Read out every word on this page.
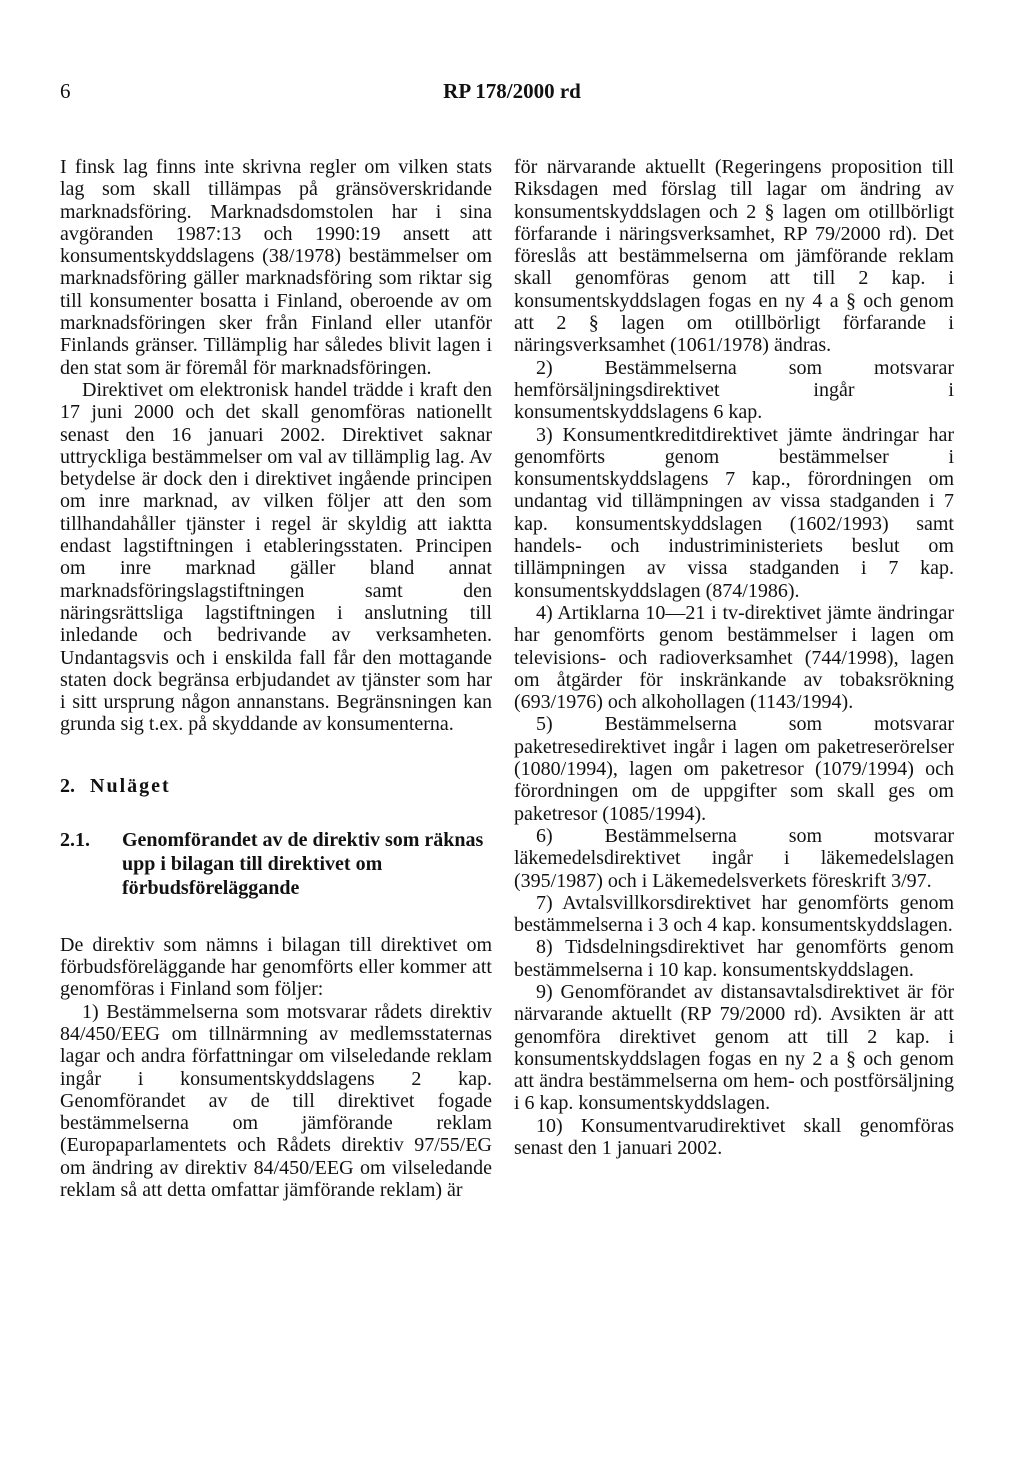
6	RP 178/2000 rd

I finsk lag finns inte skrivna regler om vilken stats lag som skall tillämpas på gränsöverskridande marknadsföring. Marknadsdomstolen har i sina avgöranden 1987:13 och 1990:19 ansett att konsumentskyddslagens (38/1978) bestämmelser om marknadsföring gäller marknadsföring som riktar sig till konsumenter bosatta i Finland, oberoende av om marknadsföringen sker från Finland eller utanför Finlands gränser. Tillämplig har således blivit lagen i den stat som är föremål för marknadsföringen.

Direktivet om elektronisk handel trädde i kraft den 17 juni 2000 och det skall genomföras nationellt senast den 16 januari 2002. Direktivet saknar uttryckliga bestämmelser om val av tillämplig lag. Av betydelse är dock den i direktivet ingående principen om inre marknad, av vilken följer att den som tillhandahåller tjänster i regel är skyldig att iaktta endast lagstiftningen i etableringsstaten. Principen om inre marknad gäller bland annat marknadsföringslagstiftningen samt den näringsrättsliga lagstiftningen i anslutning till inledande och bedrivande av verksamheten. Undantagsvis och i enskilda fall får den mottagande staten dock begränsa erbjudandet av tjänster som har i sitt ursprung någon annanstans. Begränsningen kan grunda sig t.ex. på skyddande av konsumenterna.

2. Nuläget

2.1.	Genomförandet av de direktiv som räknas upp i bilagan till direktivet om förbudsföreläggande

De direktiv som nämns i bilagan till direktivet om förbudsföreläggande har genomförts eller kommer att genomföras i Finland som följer:

1) Bestämmelserna som motsvarar rådets direktiv 84/450/EEG om tillnärmning av medlemsstaternas lagar och andra författningar om vilseledande reklam ingår i konsumentskyddslagens 2 kap. Genomförandet av de till direktivet fogade bestämmelserna om jämförande reklam (Europaparlamentets och Rådets direktiv 97/55/EG om ändring av direktiv 84/450/EEG om vilseledande reklam så att detta omfattar jämförande reklam) är

för närvarande aktuellt (Regeringens proposition till Riksdagen med förslag till lagar om ändring av konsumentskyddslagen och 2 § lagen om otillbörligt förfarande i näringsverksamhet, RP 79/2000 rd). Det föreslås att bestämmelserna om jämförande reklam skall genomföras genom att till 2 kap. i konsumentskyddslagen fogas en ny 4 a § och genom att 2 § lagen om otillbörligt förfarande i näringsverksamhet (1061/1978) ändras.

2) Bestämmelserna som motsvarar hemförsäljningsdirektivet ingår i konsumentskyddslagens 6 kap.

3) Konsumentkreditdirektivet jämte ändringar har genomförts genom bestämmelser i konsumentskyddslagens 7 kap., förordningen om undantag vid tillämpningen av vissa stadganden i 7 kap. konsumentskyddslagen (1602/1993) samt handels- och industriministeriets beslut om tillämpningen av vissa stadganden i 7 kap. konsumentskyddslagen (874/1986).

4) Artiklarna 10—21 i tv-direktivet jämte ändringar har genomförts genom bestämmelser i lagen om televisions- och radioverksamhet (744/1998), lagen om åtgärder för inskränkande av tobaksrökning (693/1976) och alkohollagen (1143/1994).

5) Bestämmelserna som motsvarar paketresedirektivet ingår i lagen om paketreserörelser (1080/1994), lagen om paketresor (1079/1994) och förordningen om de uppgifter som skall ges om paketresor (1085/1994).

6) Bestämmelserna som motsvarar läkemedelsdirektivet ingår i läkemedelslagen (395/1987) och i Läkemedelsverkets föreskrift 3/97.

7) Avtalsvillkorsdirektivet har genomförts genom bestämmelserna i 3 och 4 kap. konsumentskyddslagen.

8) Tidsdelningsdirektivet har genomförts genom bestämmelserna i 10 kap. konsumentskyddslagen.

9) Genomförandet av distansavtalsdirektivet är för närvarande aktuellt (RP 79/2000 rd). Avsikten är att genomföra direktivet genom att till 2 kap. i konsumentskyddslagen fogas en ny 2 a § och genom att ändra bestämmelserna om hem- och postförsäljning i 6 kap. konsumentskyddslagen.

10) Konsumentvarudirektivet skall genomföras senast den 1 januari 2002.
